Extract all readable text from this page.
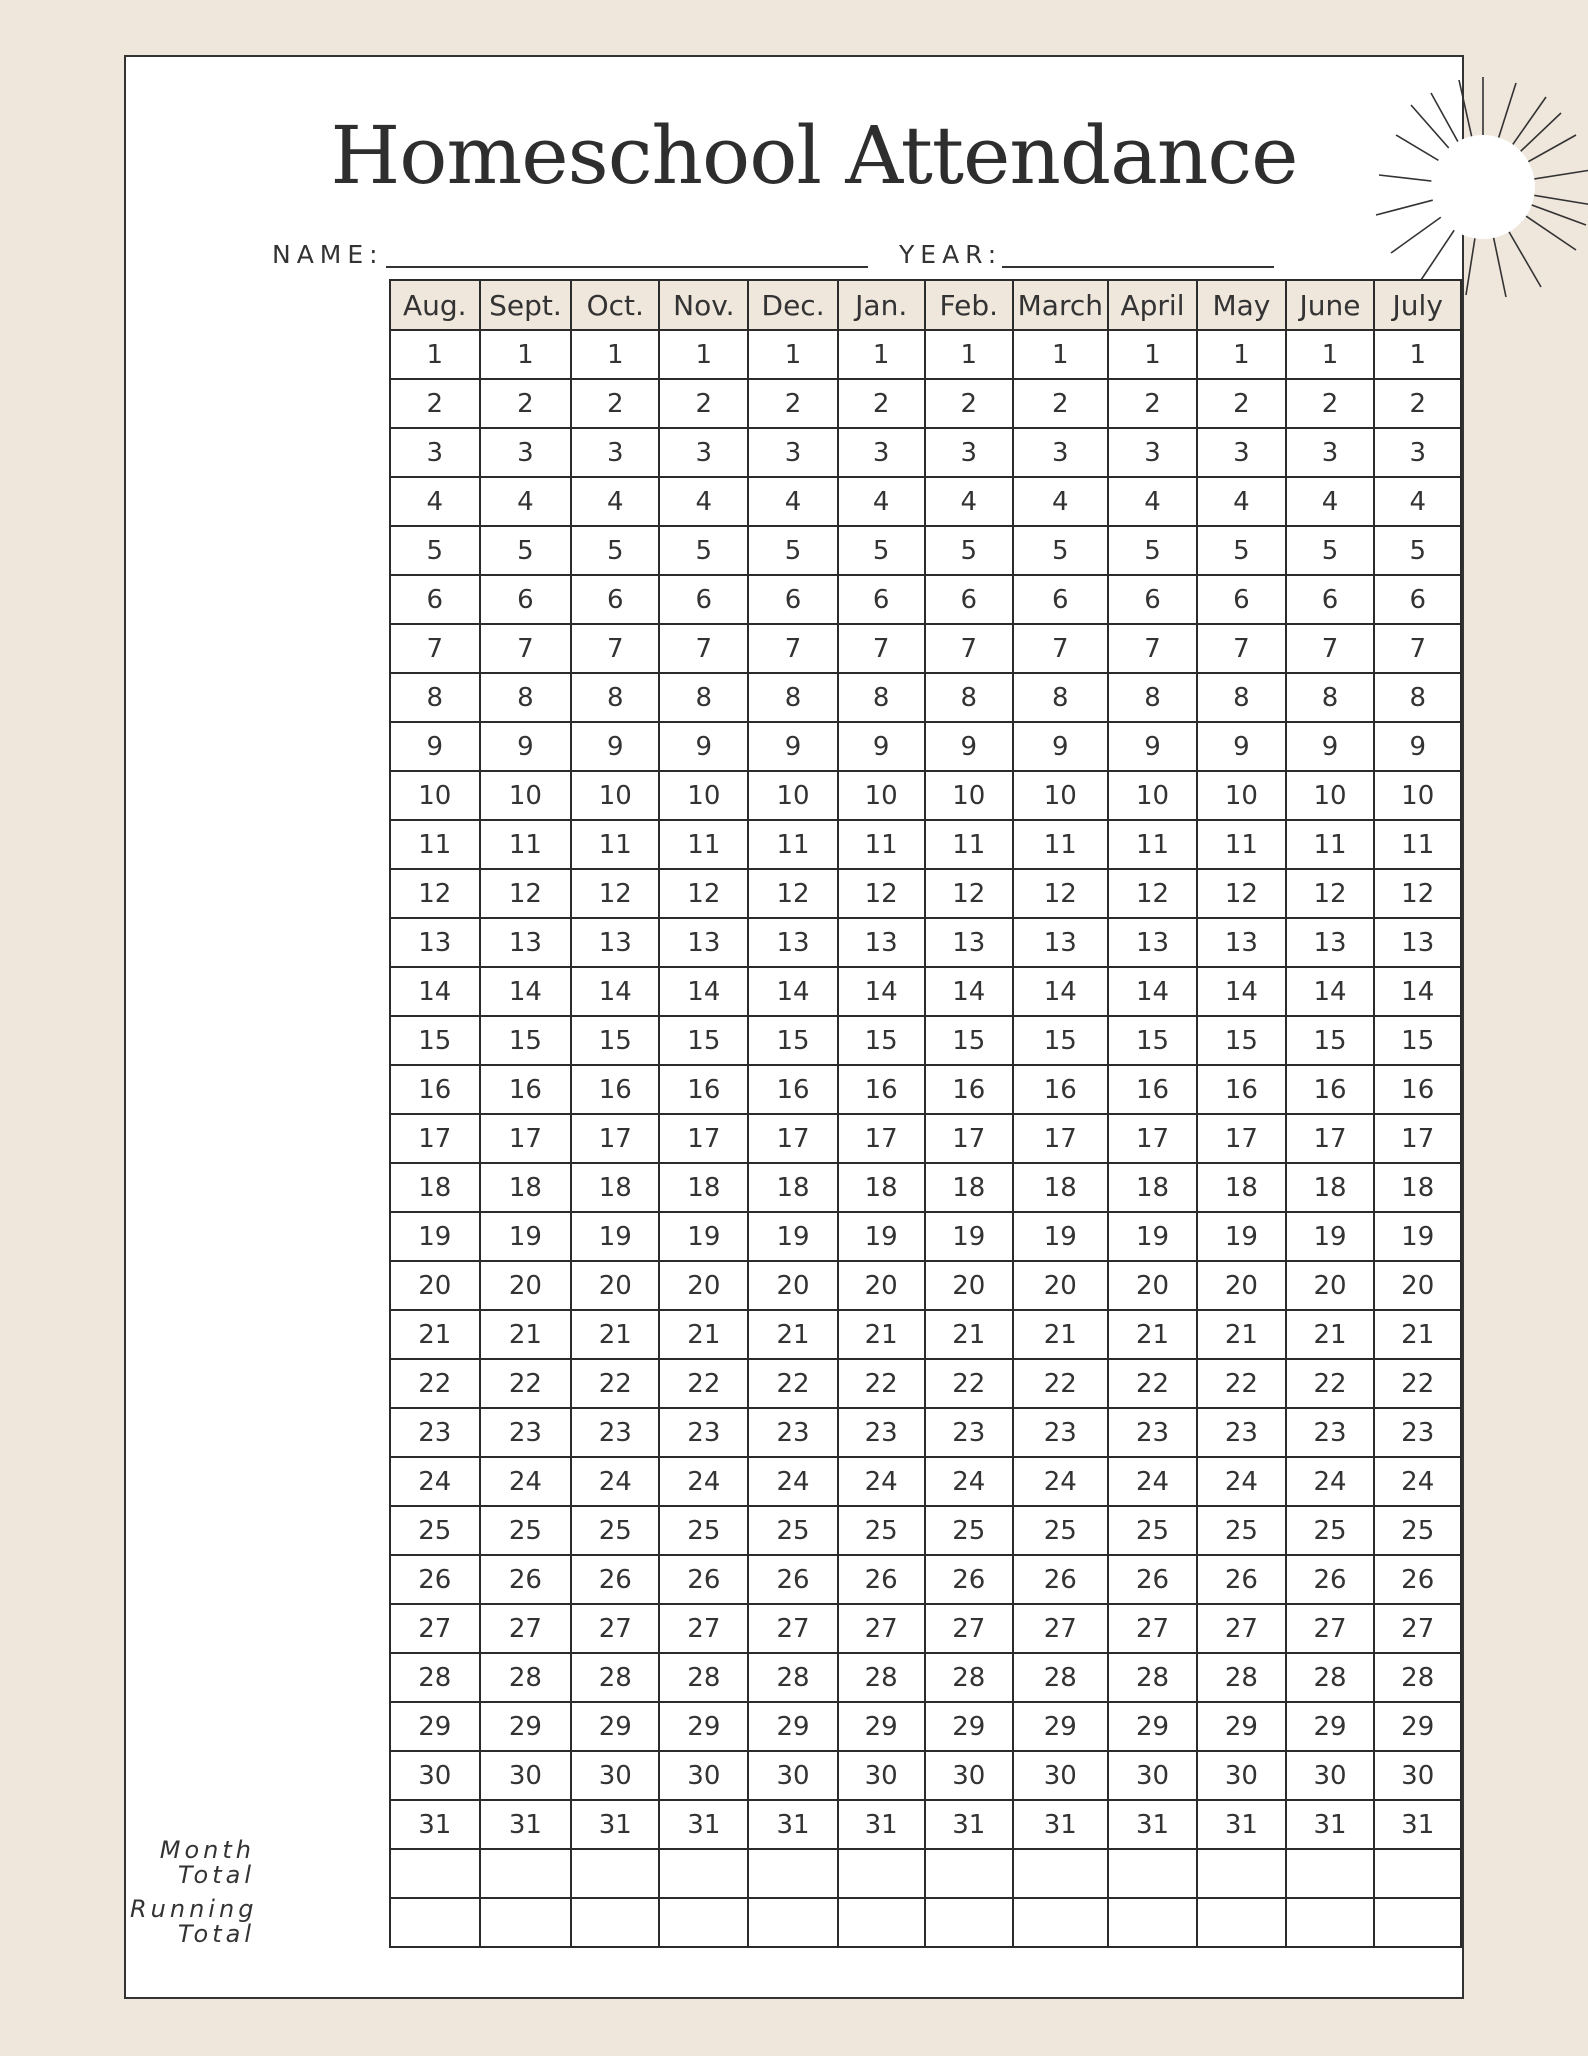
Homeschool Attendance
NAME:	YEAR:
Month
Total
Running
Total
Aug.	Sept.	Oct.	Nov.	Dec.	Jan.	Feb.	March	April	May	June	July
1	1	1	1	1	1	1	1	1	1	1	1
2	2	2	2	2	2	2	2	2	2	2	2
3	3	3	3	3	3	3	3	3	3	3	3
4	4	4	4	4	4	4	4	4	4	4	4
5	5	5	5	5	5	5	5	5	5	5	5
6	6	6	6	6	6	6	6	6	6	6	6
7	7	7	7	7	7	7	7	7	7	7	7
8	8	8	8	8	8	8	8	8	8	8	8
9	9	9	9	9	9	9	9	9	9	9	9
10	10	10	10	10	10	10	10	10	10	10	10
11	11	11	11	11	11	11	11	11	11	11	11
12	12	12	12	12	12	12	12	12	12	12	12
13	13	13	13	13	13	13	13	13	13	13	13
14	14	14	14	14	14	14	14	14	14	14	14
15	15	15	15	15	15	15	15	15	15	15	15
16	16	16	16	16	16	16	16	16	16	16	16
17	17	17	17	17	17	17	17	17	17	17	17
18	18	18	18	18	18	18	18	18	18	18	18
19	19	19	19	19	19	19	19	19	19	19	19
20	20	20	20	20	20	20	20	20	20	20	20
21	21	21	21	21	21	21	21	21	21	21	21
22	22	22	22	22	22	22	22	22	22	22	22
23	23	23	23	23	23	23	23	23	23	23	23
24	24	24	24	24	24	24	24	24	24	24	24
25	25	25	25	25	25	25	25	25	25	25	25
26	26	26	26	26	26	26	26	26	26	26	26
27	27	27	27	27	27	27	27	27	27	27	27
28	28	28	28	28	28	28	28	28	28	28	28
29	29	29	29	29	29	29	29	29	29	29	29
30	30	30	30	30	30	30	30	30	30	30	30
31	31	31	31	31	31	31	31	31	31	31	31
